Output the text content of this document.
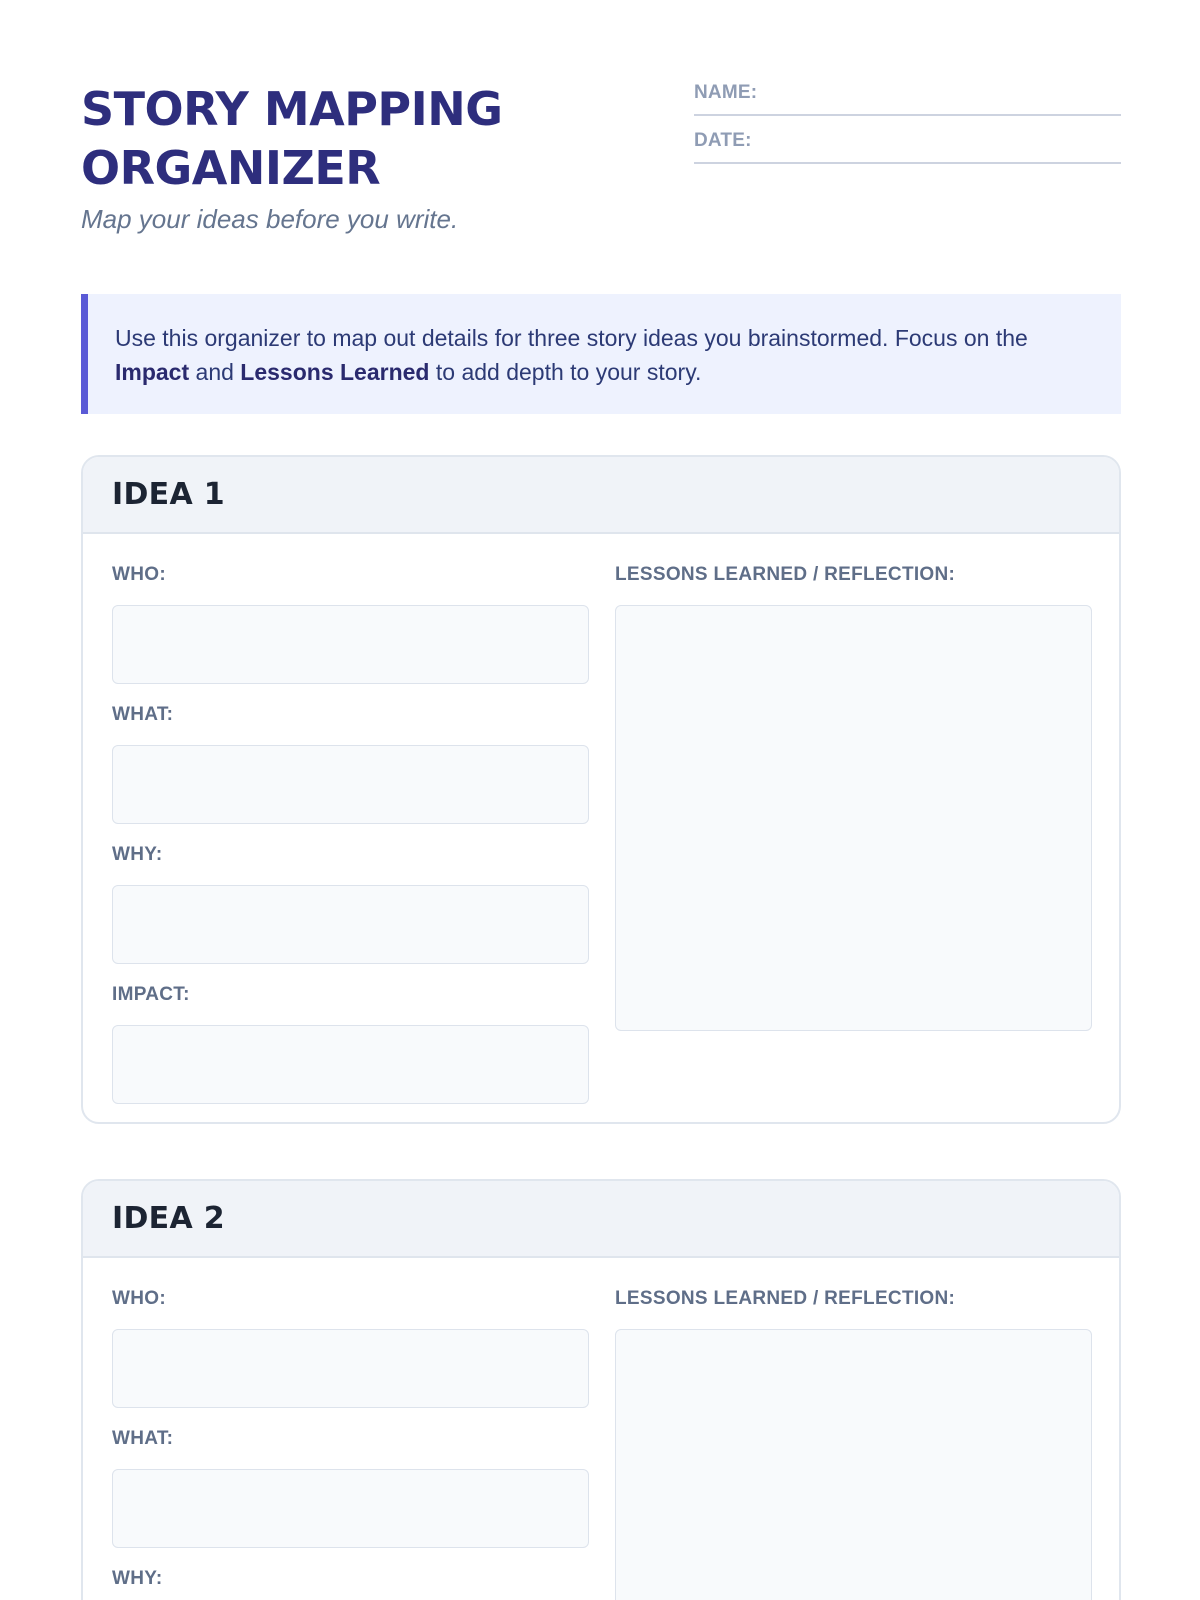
STORY MAPPING ORGANIZER
Map your ideas before you write.
NAME:
DATE:
Use this organizer to map out details for three story ideas you brainstormed. Focus on the Impact and Lessons Learned to add depth to your story.
IDEA 1
WHO:
WHAT:
WHY:
IMPACT:
LESSONS LEARNED / REFLECTION:
IDEA 2
WHO:
WHAT:
WHY:
LESSONS LEARNED / REFLECTION:
